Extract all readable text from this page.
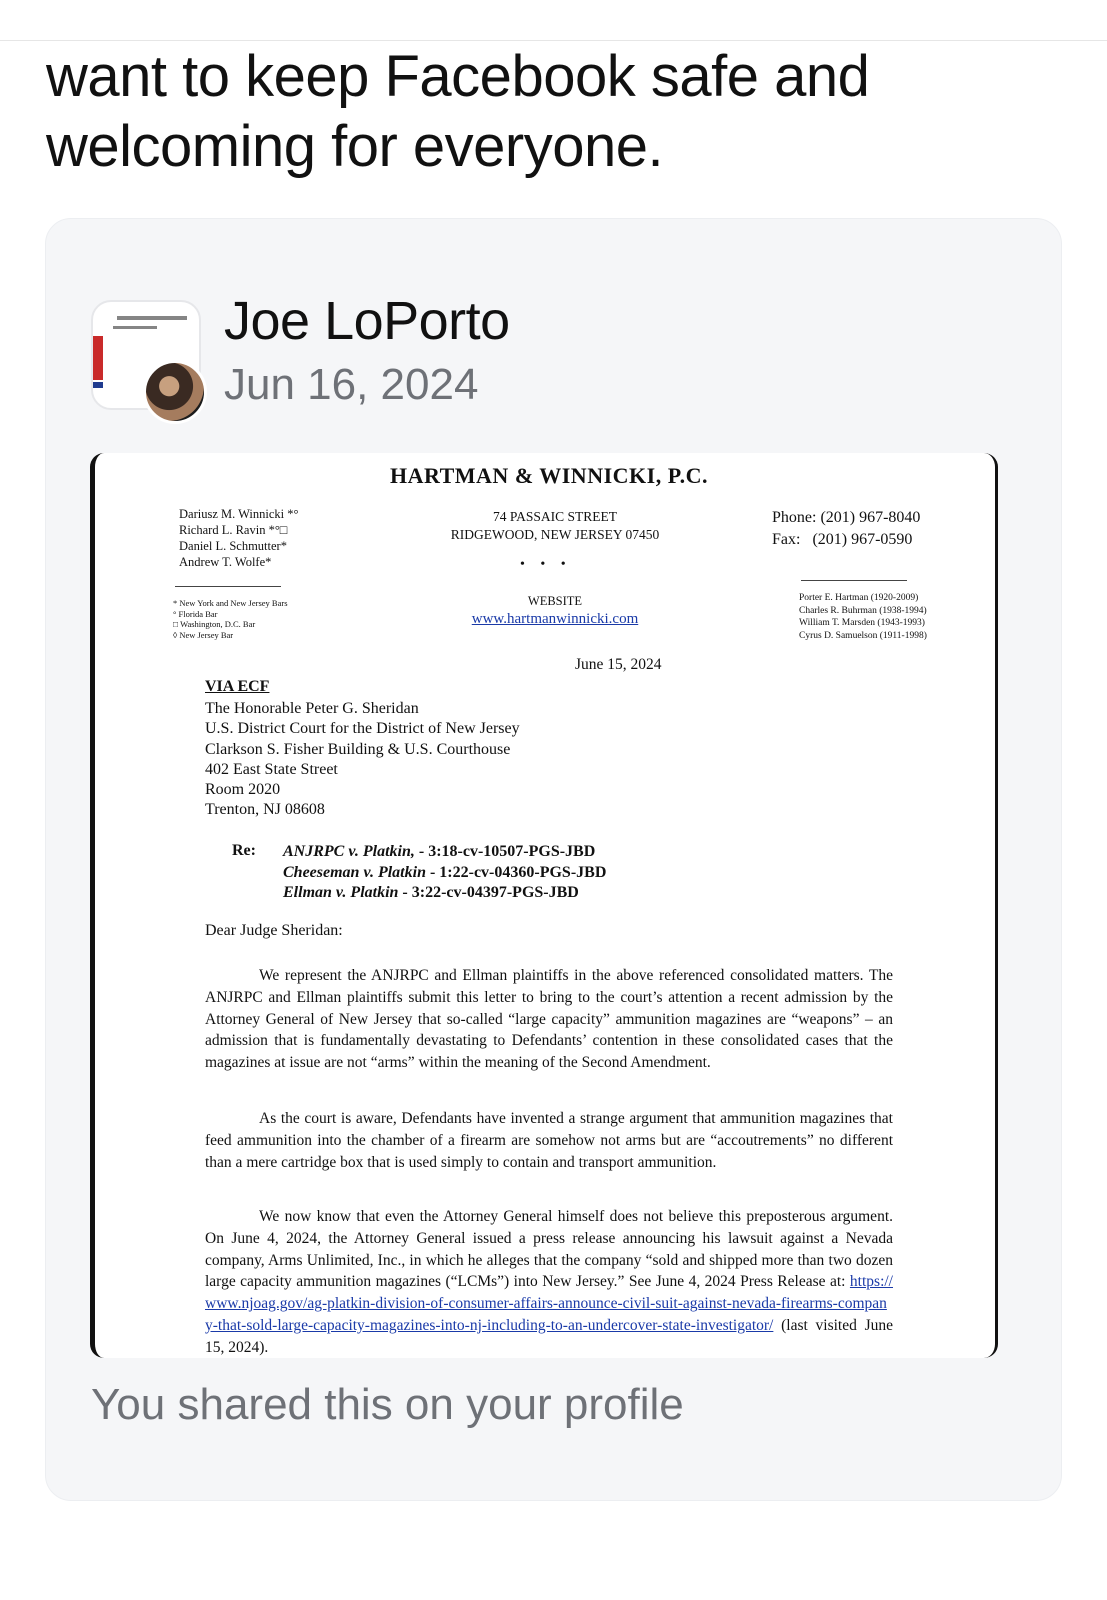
want to keep Facebook safe and welcoming for everyone.
Joe LoPorto
Jun 16, 2024
HARTMAN & WINNICKI, P.C.
Dariusz M. Winnicki *°
Richard L. Ravin *°□
Daniel L. Schmutter*
Andrew T. Wolfe*
74 PASSAIC STREET
RIDGEWOOD, NEW JERSEY 07450
• • •
Phone: (201) 967-8040
Fax:   (201) 967-0590
* New York and New Jersey Bars
° Florida Bar
□ Washington, D.C. Bar
◊ New Jersey Bar
WEBSITE
www.hartmanwinnicki.com
Porter E. Hartman (1920-2009)
Charles R. Buhrman (1938-1994)
William T. Marsden (1943-1993)
Cyrus D. Samuelson (1911-1998)
June 15, 2024
VIA ECF
The Honorable Peter G. Sheridan
U.S. District Court for the District of New Jersey
Clarkson S. Fisher Building & U.S. Courthouse
402 East State Street
Room 2020
Trenton, NJ 08608
Re: ANJRPC v. Platkin, - 3:18-cv-10507-PGS-JBD
Cheeseman v. Platkin - 1:22-cv-04360-PGS-JBD
Ellman v. Platkin - 3:22-cv-04397-PGS-JBD
Dear Judge Sheridan:
We represent the ANJRPC and Ellman plaintiffs in the above referenced consolidated matters. The ANJRPC and Ellman plaintiffs submit this letter to bring to the court’s attention a recent admission by the Attorney General of New Jersey that so-called “large capacity” ammunition magazines are “weapons” – an admission that is fundamentally devastating to Defendants’ contention in these consolidated cases that the magazines at issue are not “arms” within the meaning of the Second Amendment.
As the court is aware, Defendants have invented a strange argument that ammunition magazines that feed ammunition into the chamber of a firearm are somehow not arms but are “accoutrements” no different than a mere cartridge box that is used simply to contain and transport ammunition.
We now know that even the Attorney General himself does not believe this preposterous argument. On June 4, 2024, the Attorney General issued a press release announcing his lawsuit against a Nevada company, Arms Unlimited, Inc., in which he alleges that the company “sold and shipped more than two dozen large capacity ammunition magazines (“LCMs”) into New Jersey.” See June 4, 2024 Press Release at: https://www.njoag.gov/ag-platkin-division-of-consumer-affairs-announce-civil-suit-against-nevada-firearms-company-that-sold-large-capacity-magazines-into-nj-including-to-an-undercover-state-investigator/ (last visited June 15, 2024).
You shared this on your profile
